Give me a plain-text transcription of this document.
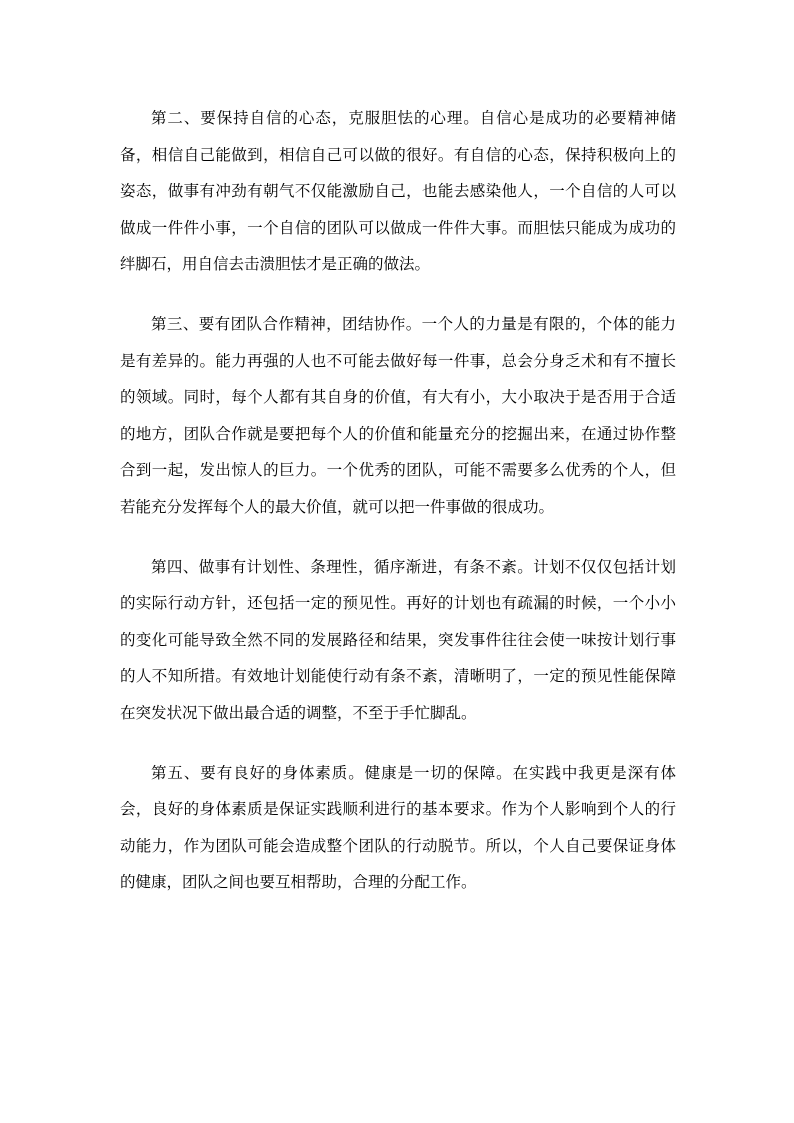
第二、要保持自信的心态，克服胆怯的心理。自信心是成功的必要精神储备，相信自己能做到，相信自己可以做的很好。有自信的心态，保持积极向上的姿态，做事有冲劲有朝气不仅能激励自己，也能去感染他人，一个自信的人可以做成一件件小事，一个自信的团队可以做成一件件大事。而胆怯只能成为成功的绊脚石，用自信去击溃胆怯才是正确的做法。

第三、要有团队合作精神，团结协作。一个人的力量是有限的，个体的能力是有差异的。能力再强的人也不可能去做好每一件事，总会分身乏术和有不擅长的领域。同时，每个人都有其自身的价值，有大有小，大小取决于是否用于合适的地方，团队合作就是要把每个人的价值和能量充分的挖掘出来，在通过协作整合到一起，发出惊人的巨力。一个优秀的团队，可能不需要多么优秀的个人，但若能充分发挥每个人的最大价值，就可以把一件事做的很成功。

第四、做事有计划性、条理性，循序渐进，有条不紊。计划不仅仅包括计划的实际行动方针，还包括一定的预见性。再好的计划也有疏漏的时候，一个小小的变化可能导致全然不同的发展路径和结果，突发事件往往会使一味按计划行事的人不知所措。有效地计划能使行动有条不紊，清晰明了，一定的预见性能保障在突发状况下做出最合适的调整，不至于手忙脚乱。

第五、要有良好的身体素质。健康是一切的保障。在实践中我更是深有体会，良好的身体素质是保证实践顺利进行的基本要求。作为个人影响到个人的行动能力，作为团队可能会造成整个团队的行动脱节。所以，个人自己要保证身体的健康，团队之间也要互相帮助，合理的分配工作。
